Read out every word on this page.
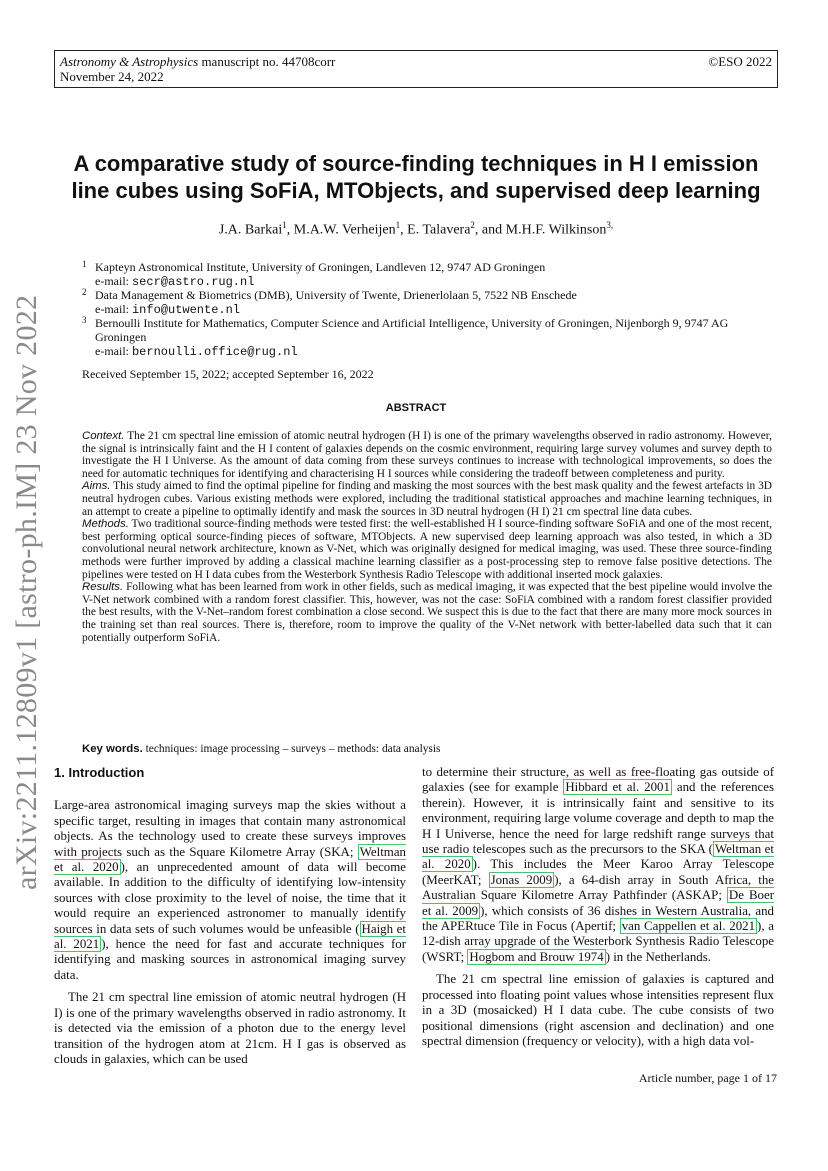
Astronomy & Astrophysics manuscript no. 44708corr
November 24, 2022
©ESO 2022
arXiv:2211.12809v1 [astro-ph.IM] 23 Nov 2022
A comparative study of source-finding techniques in H I emission
line cubes using SoFiA, MTObjects, and supervised deep learning
J.A. Barkai$^1$, M.A.W. Verheijen$^1$, E. Talavera$^2$, and M.H.F. Wilkinson$^{3,}$
1 Kapteyn Astronomical Institute, University of Groningen, Landleven 12, 9747 AD Groningen
e-mail: secr@astro.rug.nl
2 Data Management & Biometrics (DMB), University of Twente, Drienerlolaan 5, 7522 NB Enschede
e-mail: info@utwente.nl
3 Bernoulli Institute for Mathematics, Computer Science and Artificial Intelligence, University of Groningen, Nijenborgh 9, 9747 AG Groningen
e-mail: bernoulli.office@rug.nl
Received September 15, 2022; accepted September 16, 2022
ABSTRACT

Context. The 21 cm spectral line emission of atomic neutral hydrogen (H I) is one of the primary wavelengths observed in radio astronomy. However, the signal is intrinsically faint and the H I content of galaxies depends on the cosmic environment, requiring large survey volumes and survey depth to investigate the H I Universe. As the amount of data coming from these surveys continues to increase with technological improvements, so does the need for automatic techniques for identifying and characterising H I sources while considering the tradeoff between completeness and purity.

Aims. This study aimed to find the optimal pipeline for finding and masking the most sources with the best mask quality and the fewest artefacts in 3D neutral hydrogen cubes. Various existing methods were explored, including the traditional statistical approaches and machine learning techniques, in an attempt to create a pipeline to optimally identify and mask the sources in 3D neutral hydrogen (H I) 21 cm spectral line data cubes.

Methods. Two traditional source-finding methods were tested first: the well-established H I source-finding software SoFiA and one of the most recent, best performing optical source-finding pieces of software, MTObjects. A new supervised deep learning approach was also tested, in which a 3D convolutional neural network architecture, known as V-Net, which was originally designed for medical imaging, was used. These three source-finding methods were further improved by adding a classical machine learning classifier as a post-processing step to remove false positive detections. The pipelines were tested on H I data cubes from the Westerbork Synthesis Radio Telescope with additional inserted mock galaxies.

Results. Following what has been learned from work in other fields, such as medical imaging, it was expected that the best pipeline would involve the V-Net network combined with a random forest classifier. This, however, was not the case: SoFiA combined with a random forest classifier provided the best results, with the V-Net–random forest combination a close second. We suspect this is due to the fact that there are many more mock sources in the training set than real sources. There is, therefore, room to improve the quality of the V-Net network with better-labelled data such that it can potentially outperform SoFiA.

Key words. techniques: image processing – surveys – methods: data analysis
1. Introduction

Large-area astronomical imaging surveys map the skies without a specific target, resulting in images that contain many astronomical objects. As the technology used to create these surveys improves with projects such as the Square Kilometre Array (SKA; Weltman et al. 2020 ), an unprecedented amount of data will become available. In addition to the difficulty of identifying low-intensity sources with close proximity to the level of noise, the time that it would require an experienced astronomer to manually identify sources in data sets of such volumes would be unfeasible ( Haigh et al. 2021 ), hence the need for fast and accurate techniques for identifying and masking sources in astronomical imaging survey data.

The 21 cm spectral line emission of atomic neutral hydrogen (H I) is one of the primary wavelengths observed in radio astronomy. It is detected via the emission of a photon due to the energy level transition of the hydrogen atom at 21cm. H I gas is observed as clouds in galaxies, which can be used

to determine their structure, as well as free-floating gas outside of galaxies (see for example Hibbard et al. 2001 and the references therein). However, it is intrinsically faint and sensitive to its environment, requiring large volume coverage and depth to map the H I Universe, hence the need for large redshift range surveys that use radio telescopes such as the precursors to the SKA ( Weltman et al. 2020 ). This includes the Meer Karoo Array Telescope (MeerKAT; Jonas 2009 ), a 64-dish array in South Africa, the Australian Square Kilometre Array Pathfinder (ASKAP; De Boer et al. 2009 ), which consists of 36 dishes in Western Australia, and the APERtuce Tile in Focus (Apertif; van Cappellen et al. 2021 ), a 12-dish array upgrade of the Westerbork Synthesis Radio Telescope (WSRT; Hogbom and Brouw 1974 ) in the Netherlands.

The 21 cm spectral line emission of galaxies is captured and processed into floating point values whose intensities represent flux in a 3D (mosaicked) H I data cube. The cube consists of two positional dimensions (right ascension and declination) and one spectral dimension (frequency or velocity), with a high data vol-

Article number, page 1 of 17
